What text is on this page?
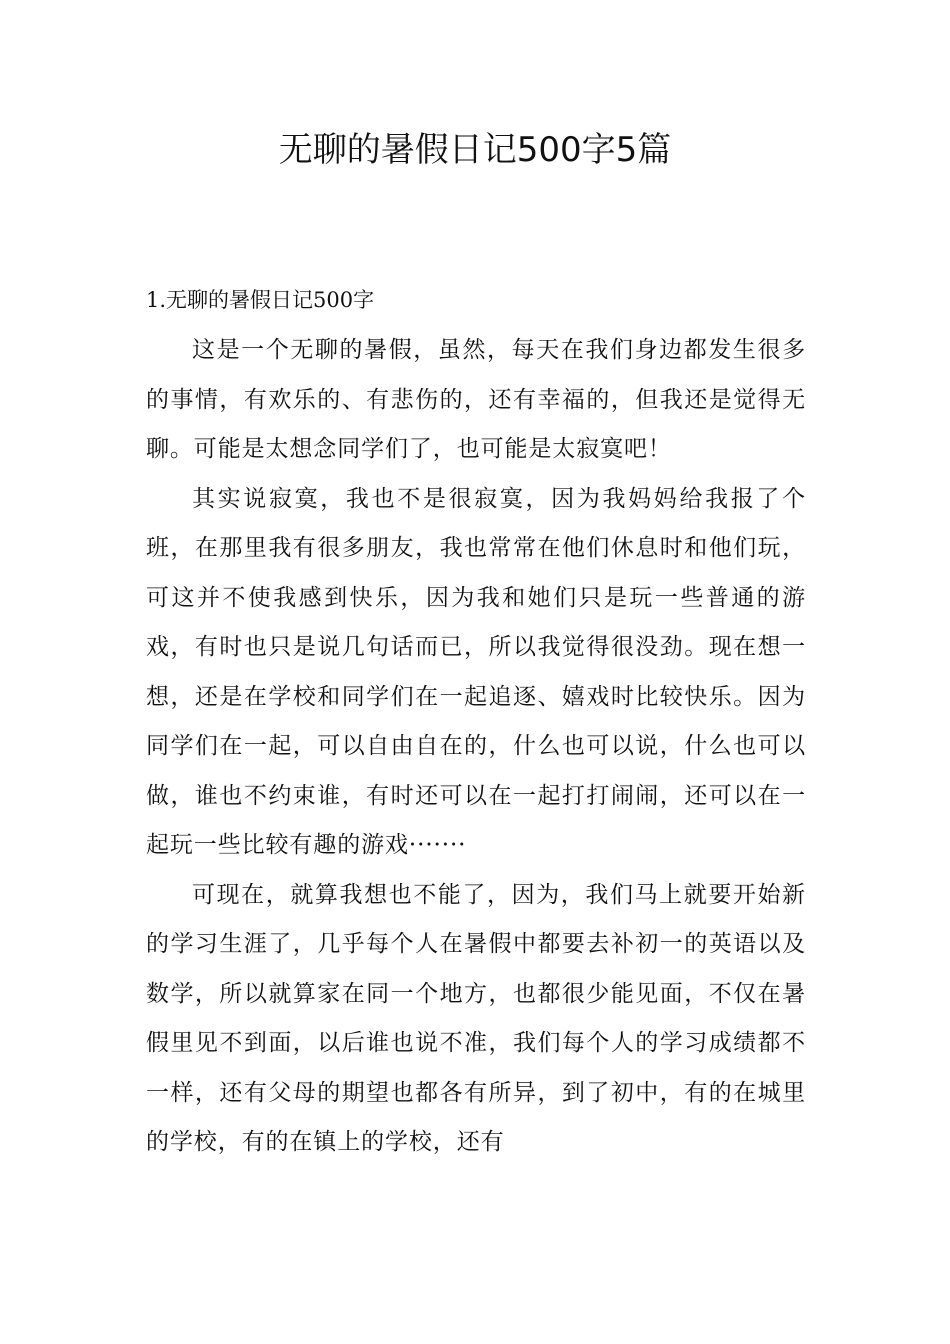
无聊的暑假日记500字5篇
1.无聊的暑假日记500字

这是一个无聊的暑假，虽然，每天在我们身边都发生很多的事情，有欢乐的、有悲伤的，还有幸福的，但我还是觉得无聊。可能是太想念同学们了，也可能是太寂寞吧！

其实说寂寞，我也不是很寂寞，因为我妈妈给我报了个班，在那里我有很多朋友，我也常常在他们休息时和他们玩，可这并不使我感到快乐，因为我和她们只是玩一些普通的游戏，有时也只是说几句话而已，所以我觉得很没劲。现在想一想，还是在学校和同学们在一起追逐、嬉戏时比较快乐。因为同学们在一起，可以自由自在的，什么也可以说，什么也可以做，谁也不约束谁，有时还可以在一起打打闹闹，还可以在一起玩一些比较有趣的游戏·······

可现在，就算我想也不能了，因为，我们马上就要开始新的学习生涯了，几乎每个人在暑假中都要去补初一的英语以及数学，所以就算家在同一个地方，也都很少能见面，不仅在暑假里见不到面，以后谁也说不准，我们每个人的学习成绩都不一样，还有父母的期望也都各有所异，到了初中，有的在城里的学校，有的在镇上的学校，还有
